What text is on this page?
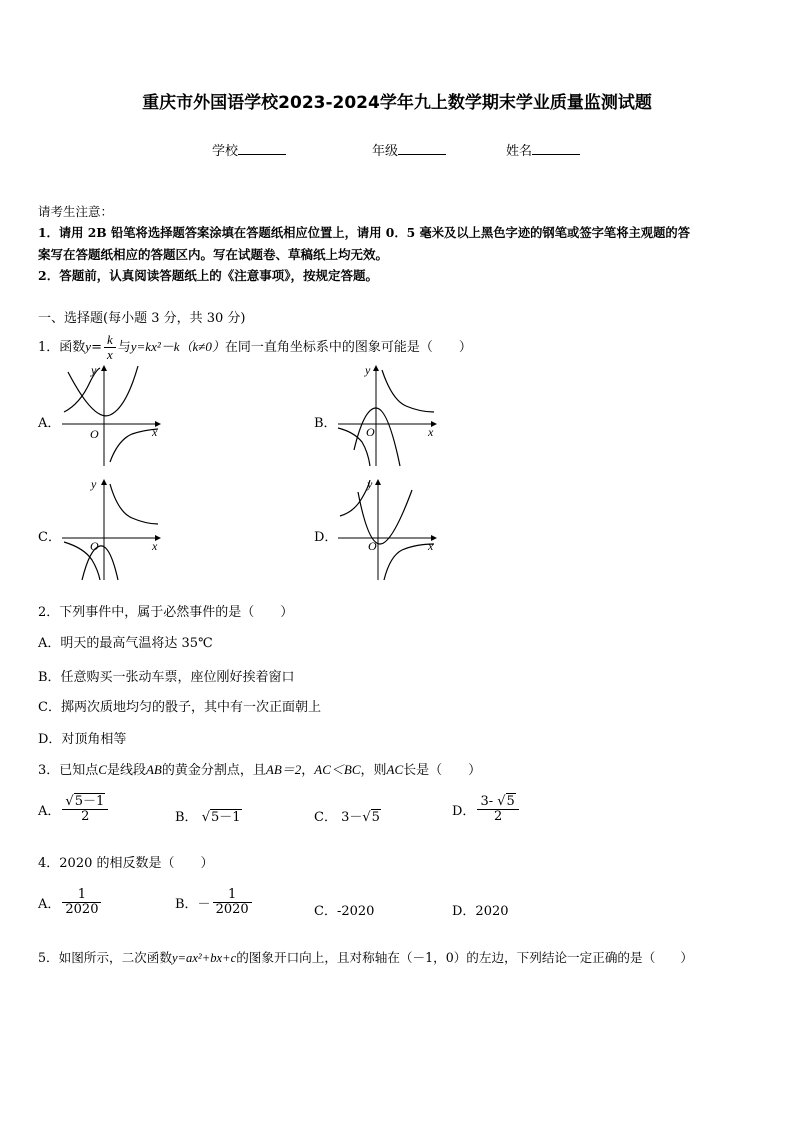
重庆市外国语学校2023-2024学年九上数学期末学业质量监测试题
学校	年级	姓名
请考生注意：
1．请用 2B 铅笔将选择题答案涂填在答题纸相应位置上，请用 0．5 毫米及以上黑色字迹的钢笔或签字笔将主观题的答
案写在答题纸相应的答题区内。写在试题卷、草稿纸上均无效。
2．答题前，认真阅读答题纸上的《注意事项》，按规定答题。
一、选择题(每小题 3 分，共 30 分)
1．函数$y= \frac{k}{x}$ 与y=kx²－k（k≠0）在同一直角坐标系中的图象可能是（　　）
A．	B．
C．	D．
y
x
O
y
x
O
y
x
O
y
x
O
2．下列事件中，属于必然事件的是（　　）
A．明天的最高气温将达 35℃
B．任意购买一张动车票，座位刚好挨着窗口
C．掷两次质地均匀的骰子，其中有一次正面朝上
D．对顶角相等
3．已知点C是线段AB的黄金分割点，且AB＝2，AC＜BC，则AC长是（　　）
A． $\frac{√5-1}{2}$	B． √5－1	C． 3－√5	D． $\frac{3- √5}{2}$
4．2020 的相反数是（　　）
A． $\frac{1}{2020}$	B．－ $\frac{1}{2020}$	C．-2020	D．2020
5．如图所示，二次函数y=ax²+bx+c的图象开口向上，且对称轴在（－1，0）的左边，下列结论一定正确的是（　　）
